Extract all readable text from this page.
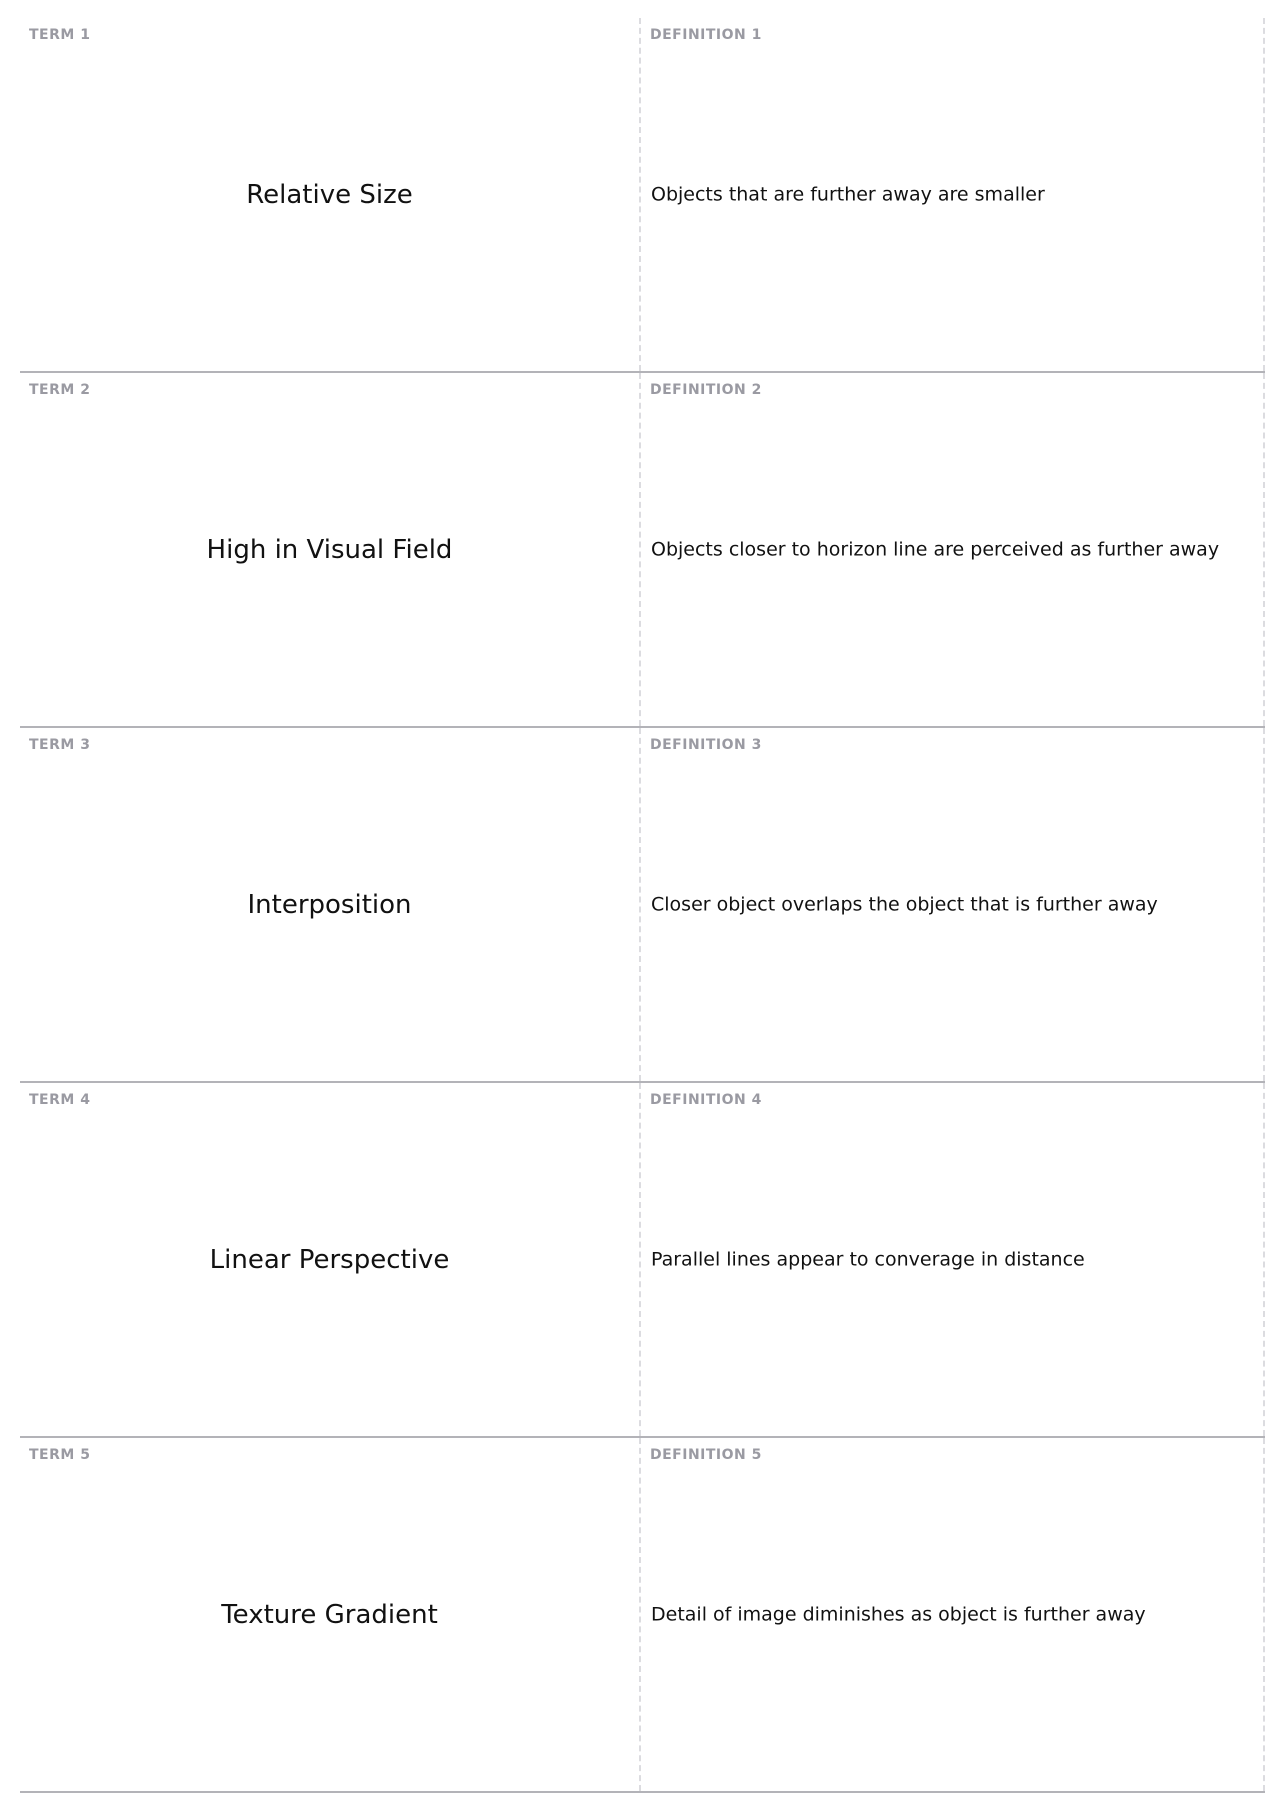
TERM 1
Relative Size
DEFINITION 1
Objects that are further away are smaller
TERM 2
High in Visual Field
DEFINITION 2
Objects closer to horizon line are perceived as further away
TERM 3
Interposition
DEFINITION 3
Closer object overlaps the object that is further away
TERM 4
Linear Perspective
DEFINITION 4
Parallel lines appear to converage in distance
TERM 5
Texture Gradient
DEFINITION 5
Detail of image diminishes as object is further away
